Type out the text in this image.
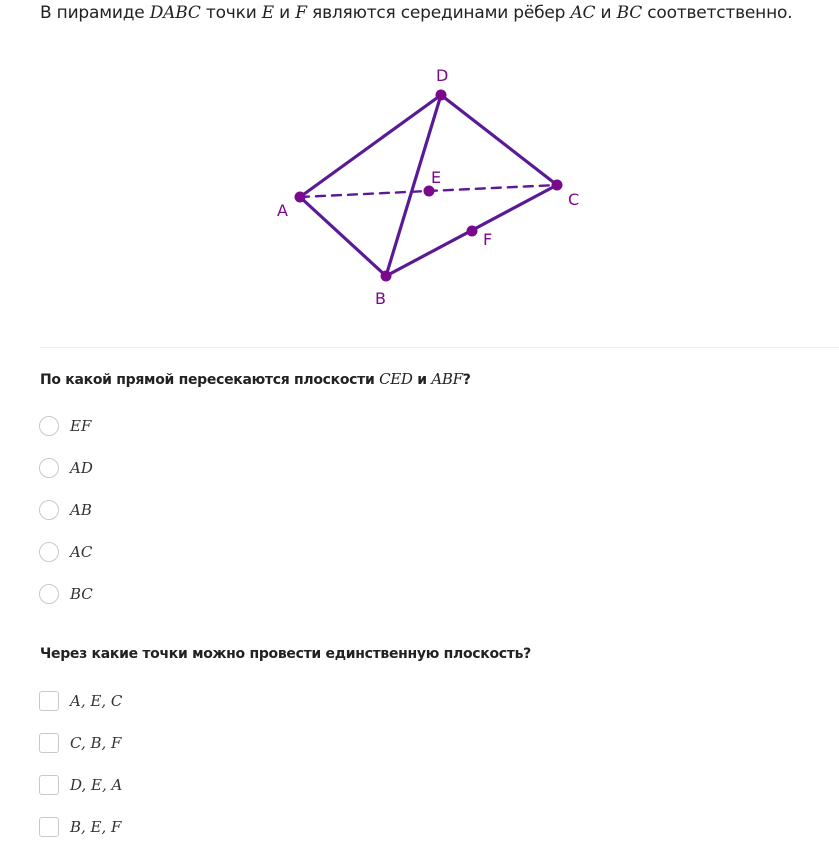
В пирамиде DABC точки E и F являются серединами рёбер AC и BC соответственно.
D
A
B
C
E
F
По какой прямой пересекаются плоскости CED и ABF?
EF
AD
AB
AC
BC
Через какие точки можно провести единственную плоскость?
A, E, C
C, B, F
D, E, A
B, E, F
